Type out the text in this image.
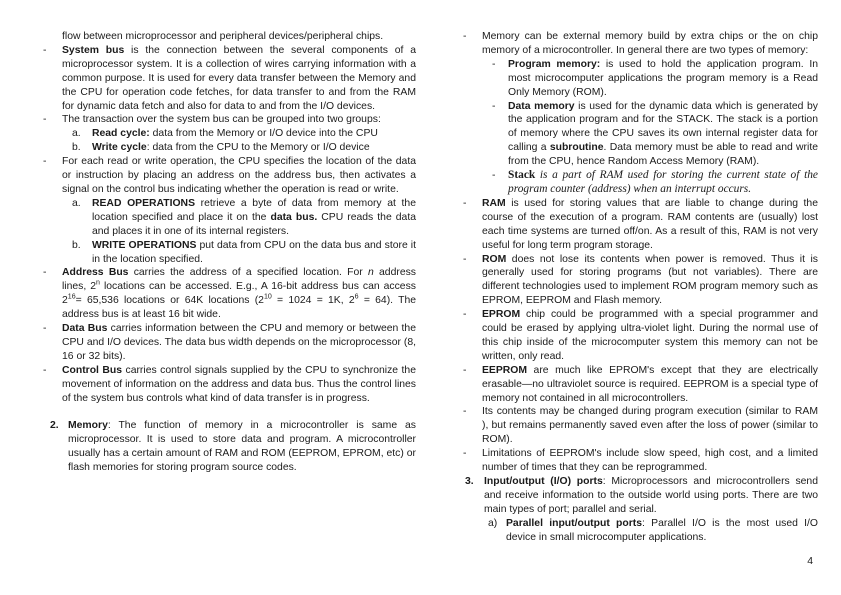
flow between microprocessor and peripheral devices/peripheral chips.
- System bus is the connection between the several components of a microprocessor system. It is a collection of wires carrying information with a common purpose. It is used for every data transfer between the Memory and the CPU for operation code fetches, for data transfer to and from the RAM for dynamic data fetch and also for data to and from the I/O devices.
- The transaction over the system bus can be grouped into two groups:
a. Read cycle: data from the Memory or I/O device into the CPU
b. Write cycle: data from the CPU to the Memory or I/O device
- For each read or write operation, the CPU specifies the location of the data or instruction by placing an address on the address bus, then activates a signal on the control bus indicating whether the operation is read or write.
a. READ OPERATIONS retrieve a byte of data from memory at the location specified and place it on the data bus. CPU reads the data and places it in one of its internal registers.
b. WRITE OPERATIONS put data from CPU on the data bus and store it in the location specified.
- Address Bus carries the address of a specified location. For n address lines, 2$^n$ locations can be accessed. E.g., A 16-bit address bus can access $2^{16}= 65,536$ locations or 64K locations ($2^{10} = 1024 = 1K$, $2^6 = 64$). The address bus is at least 16 bit wide.
- Data Bus carries information between the CPU and memory or between the CPU and I/O devices. The data bus width depends on the microprocessor (8, 16 or 32 bits).
- Control Bus carries control signals supplied by the CPU to synchronize the movement of information on the address and data bus. Thus the control lines of the system bus controls what kind of data transfer is in progress.
2. Memory: The function of memory in a microcontroller is same as microprocessor. It is used to store data and program. A microcontroller usually has a certain amount of RAM and ROM (EEPROM, EPROM, etc) or flash memories for storing program source codes.
- Memory can be external memory build by extra chips or the on chip memory of a microcontroller. In general there are two types of memory:
- Program memory: is used to hold the application program. In most microcomputer applications the program memory is a Read Only Memory (ROM).
- Data memory is used for the dynamic data which is generated by the application program and for the STACK. The stack is a portion of memory where the CPU saves its own internal register data for calling a subroutine. Data memory must be able to read and write from the CPU, hence Random Access Memory (RAM).
- Stack is a part of RAM used for storing the current state of the program counter (address) when an interrupt occurs.
- RAM is used for storing values that are liable to change during the course of the execution of a program. RAM contents are (usually) lost each time systems are turned off/on. As a result of this, RAM is not very useful for long term program storage.
- ROM does not lose its contents when power is removed. Thus it is generally used for storing programs (but not variables). There are different technologies used to implement ROM program memory such as EPROM, EEPROM and Flash memory.
- EPROM chip could be programmed with a special programmer and could be erased by applying ultra-violet light. During the normal use of this chip inside of the microcomputer system this memory can not be written, only read.
- EEPROM are much like EPROM's except that they are electrically erasable—no ultraviolet source is required. EEPROM is a special type of memory not contained in all microcontrollers.
- Its contents may be changed during program execution (similar to RAM ), but remains permanently saved even after the loss of power (similar to ROM).
- Limitations of EEPROM's include slow speed, high cost, and a limited number of times that they can be reprogrammed.
3. Input/output (I/O) ports: Microprocessors and microcontrollers send and receive information to the outside world using ports. There are two main types of port; parallel and serial.
a) Parallel input/output ports: Parallel I/O is the most used I/O device in small microcomputer applications.
4
